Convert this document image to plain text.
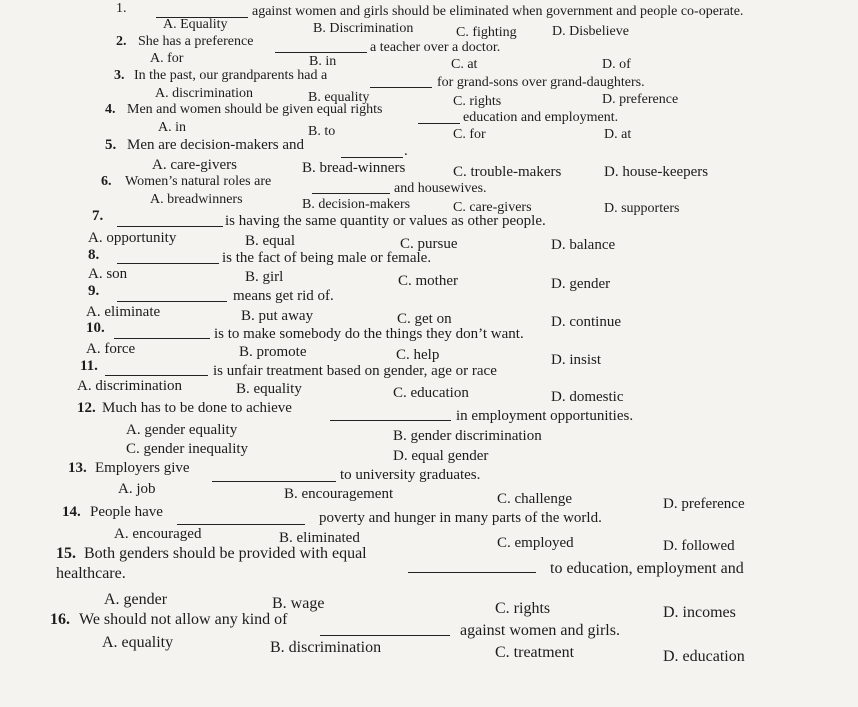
1.	against women and girls should be eliminated when government and people co-operate.
A. Equality	B. Discrimination	C. fighting	D. Disbelieve
2. She has a preference	a teacher over a doctor.
A. for	B. in	C. at	D. of
3. In the past, our grandparents had a	for grand-sons over grand-daughters.
A. discrimination	B. equality	C. rights	D. preference
4. Men and women should be given equal rights
education and employment.
A. in	B. to	C. for	D. at
5. Men are decision-makers and	.
A. care-givers	B. bread-winners	C. trouble-makers	D. house-keepers
6. Women’s natural roles are	and housewives.
A. breadwinners	B. decision-makers	C. care-givers	D. supporters
7.	is having the same quantity or values as other people.
A. opportunity	B. equal	C. pursue	D. balance
8.	is the fact of being male or female.
A. son	B. girl	C. mother	D. gender
9.	means get rid of.
A. eliminate	B. put away	C. get on	D. continue
10.	is to make somebody do the things they don’t want.
A. force	B. promote	C. help	D. insist
11.	is unfair treatment based on gender, age or race
A. discrimination	B. equality	C. education	D. domestic
12. Much has to be done to achieve	in employment opportunities.
A. gender equality	B. gender discrimination
C. gender inequality	D. equal gender
13. Employers give	to university graduates.
A. job	B. encouragement	C. challenge	D. preference
14. People have	poverty and hunger in many parts of the world.
A. encouraged	B. eliminated	C. employed	D. followed
15. Both genders should be provided with equal
to education, employment and
healthcare.
A. gender	B. wage	C. rights	D. incomes
16. We should not allow any kind of
against women and girls.
A. equality	B. discrimination	C. treatment	D. education
